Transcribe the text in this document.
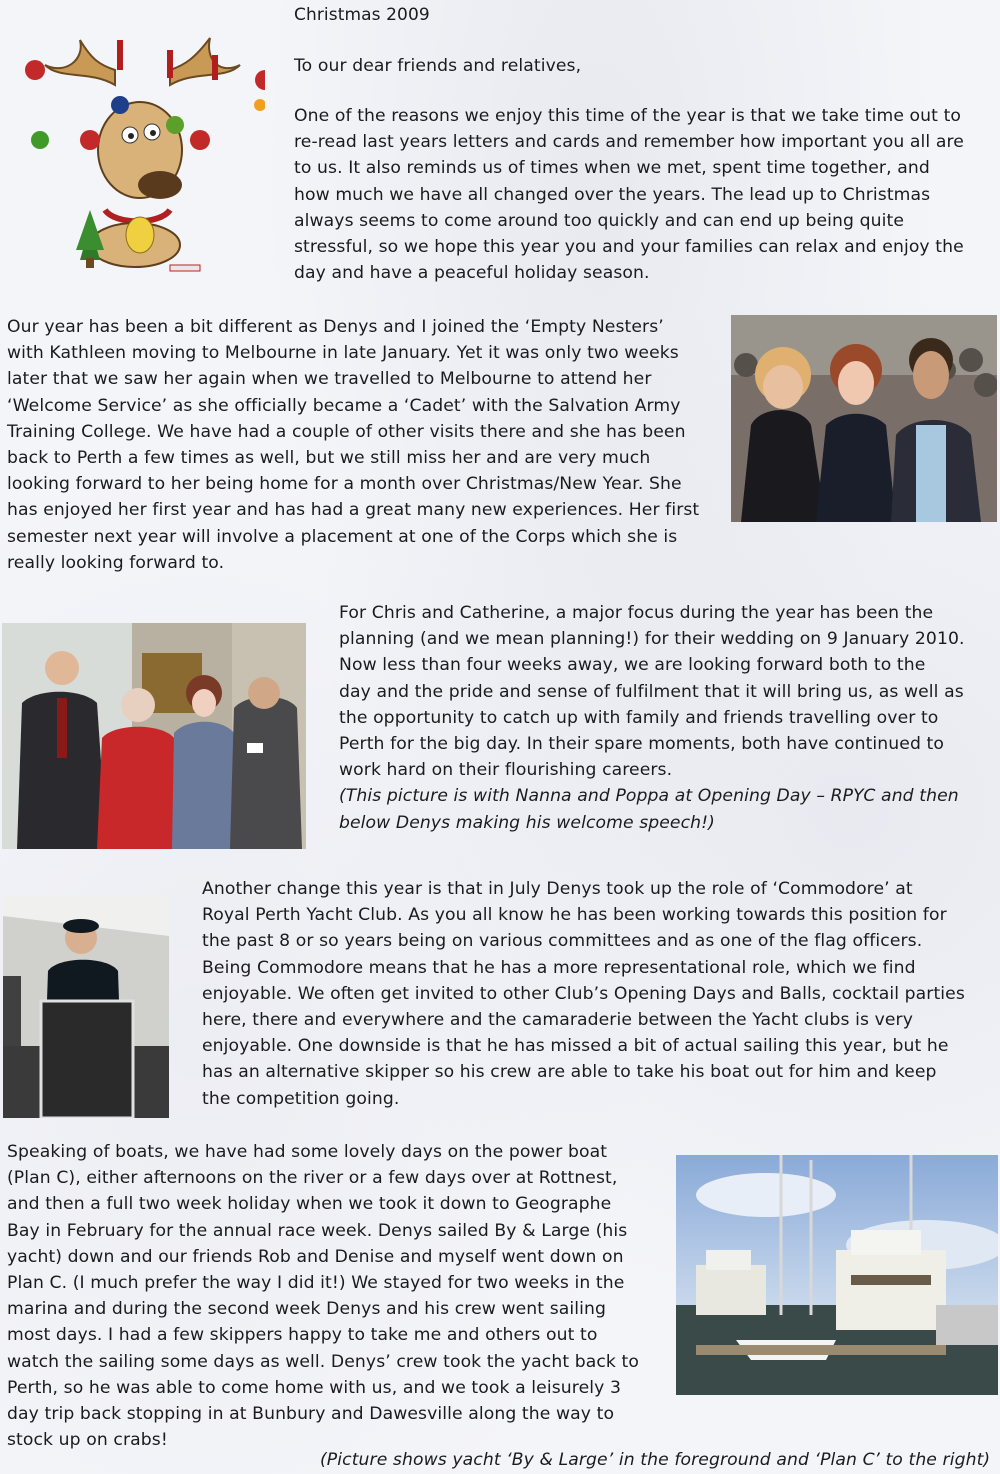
Christmas 2009

To our dear friends and relatives,

One of the reasons we enjoy this time of the year is that we take time out to
re-read last years letters and cards and remember how important you all are
to us. It also reminds us of times when we met, spent time together, and
how much we have all changed over the years. The lead up to Christmas
always seems to come around too quickly and can end up being quite
stressful, so we hope this year you and your families can relax and enjoy the
day and have a peaceful holiday season.
Our year has been a bit different as Denys and I joined the ‘Empty Nesters’
with Kathleen moving to Melbourne in late January. Yet it was only two weeks
later that we saw her again when we travelled to Melbourne to attend her
‘Welcome Service’ as she officially became a ‘Cadet’ with the Salvation Army
Training College. We have had a couple of other visits there and she has been
back to Perth a few times as well, but we still miss her and are very much
looking forward to her being home for a month over Christmas/New Year. She
has enjoyed her first year and has had a great many new experiences. Her first
semester next year will involve a placement at one of the Corps which she is
really looking forward to.
For Chris and Catherine, a major focus during the year has been the
planning (and we mean planning!) for their wedding on 9 January 2010.
Now less than four weeks away, we are looking forward both to the
day and the pride and sense of fulfilment that it will bring us, as well as
the opportunity to catch up with family and friends travelling over to
Perth for the big day. In their spare moments, both have continued to
work hard on their flourishing careers.
(This picture is with Nanna and Poppa at Opening Day – RPYC and then
below Denys making his welcome speech!)
Another change this year is that in July Denys took up the role of ‘Commodore’ at
Royal Perth Yacht Club. As you all know he has been working towards this position for
the past 8 or so years being on various committees and as one of the flag officers.
Being Commodore means that he has a more representational role, which we find
enjoyable. We often get invited to other Club’s Opening Days and Balls, cocktail parties
here, there and everywhere and the camaraderie between the Yacht clubs is very
enjoyable. One downside is that he has missed a bit of actual sailing this year, but he
has an alternative skipper so his crew are able to take his boat out for him and keep
the competition going.
Speaking of boats, we have had some lovely days on the power boat
(Plan C), either afternoons on the river or a few days over at Rottnest,
and then a full two week holiday when we took it down to Geographe
Bay in February for the annual race week. Denys sailed By & Large (his
yacht) down and our friends Rob and Denise and myself went down on
Plan C. (I much prefer the way I did it!) We stayed for two weeks in the
marina and during the second week Denys and his crew went sailing
most days. I had a few skippers happy to take me and others out to
watch the sailing some days as well. Denys’ crew took the yacht back to
Perth, so he was able to come home with us, and we took a leisurely 3
day trip back stopping in at Bunbury and Dawesville along the way to
stock up on crabs!

(Picture shows yacht ‘By & Large’ in the foreground and ‘Plan C’ to the right)
